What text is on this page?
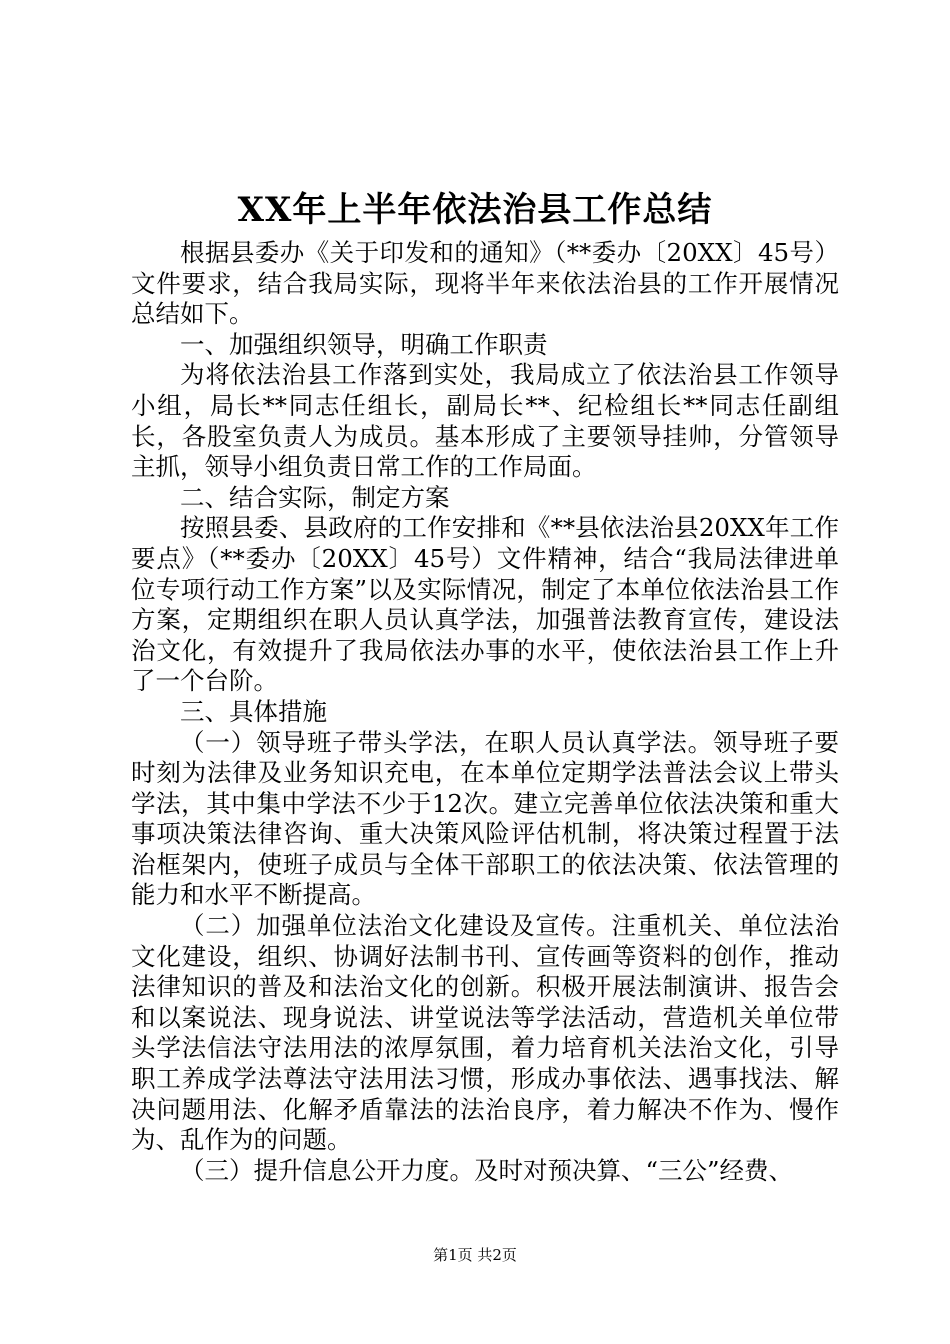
XX年上半年依法治县工作总结

根据县委办《关于印发和的通知》（**委办〔20XX〕45号）文件要求，结合我局实际，现将半年来依法治县的工作开展情况总结如下。

一、加强组织领导，明确工作职责

为将依法治县工作落到实处，我局成立了依法治县工作领导小组，局长**同志任组长，副局长**、纪检组长**同志任副组长，各股室负责人为成员。基本形成了主要领导挂帅，分管领导主抓，领导小组负责日常工作的工作局面。

二、结合实际，制定方案

按照县委、县政府的工作安排和《**县依法治县20XX年工作要点》（**委办〔20XX〕45号）文件精神，结合“我局法律进单位专项行动工作方案”以及实际情况，制定了本单位依法治县工作方案，定期组织在职人员认真学法，加强普法教育宣传，建设法治文化，有效提升了我局依法办事的水平，使依法治县工作上升了一个台阶。

三、具体措施

（一）领导班子带头学法，在职人员认真学法。领导班子要时刻为法律及业务知识充电，在本单位定期学法普法会议上带头学法，其中集中学法不少于12次。建立完善单位依法决策和重大事项决策法律咨询、重大决策风险评估机制，将决策过程置于法治框架内，使班子成员与全体干部职工的依法决策、依法管理的能力和水平不断提高。

（二）加强单位法治文化建设及宣传。注重机关、单位法治文化建设，组织、协调好法制书刊、宣传画等资料的创作，推动法律知识的普及和法治文化的创新。积极开展法制演讲、报告会和以案说法、现身说法、讲堂说法等学法活动，营造机关单位带头学法信法守法用法的浓厚氛围，着力培育机关法治文化，引导职工养成学法尊法守法用法习惯，形成办事依法、遇事找法、解决问题用法、化解矛盾靠法的法治良序，着力解决不作为、慢作为、乱作为的问题。

（三）提升信息公开力度。及时对预决算、“三公”经费、

第1页 共2页
